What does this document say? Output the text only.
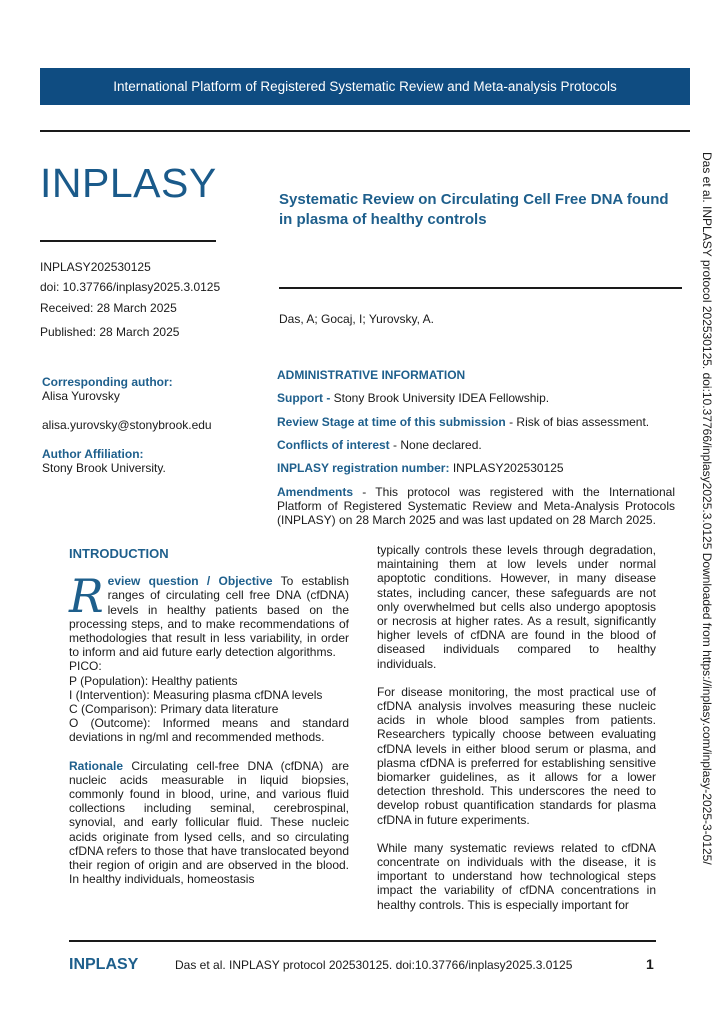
International Platform of Registered Systematic Review and Meta-analysis Protocols
INPLASY
INPLASY202530125
doi: 10.37766/inplasy2025.3.0125
Received: 28 March 2025
Published: 28 March 2025
Systematic Review on Circulating Cell Free DNA found in plasma of healthy controls
Das, A; Gocaj, I; Yurovsky, A.
Corresponding author:
Alisa Yurovsky
alisa.yurovsky@stonybrook.edu
Author Affiliation:
Stony Brook University.
ADMINISTRATIVE INFORMATION
Support - Stony Brook University IDEA Fellowship.
Review Stage at time of this submission - Risk of bias assessment.
Conflicts of interest - None declared.
INPLASY registration number: INPLASY202530125
Amendments - This protocol was registered with the International Platform of Registered Systematic Review and Meta-Analysis Protocols (INPLASY) on 28 March 2025 and was last updated on 28 March 2025.
INTRODUCTION

Review question / Objective To establish ranges of circulating cell free DNA (cfDNA) levels in healthy patients based on the processing steps, and to make recommendations of methodologies that result in less variability, in order to inform and aid future early detection algorithms.

PICO:
P (Population): Healthy patients
I (Intervention): Measuring plasma cfDNA levels
C (Comparison): Primary data literature
O (Outcome): Informed means and standard deviations in ng/ml and recommended methods.

Rationale Circulating cell-free DNA (cfDNA) are nucleic acids measurable in liquid biopsies, commonly found in blood, urine, and various fluid collections including seminal, cerebrospinal, synovial, and early follicular fluid. These nucleic acids originate from lysed cells, and so circulating cfDNA refers to those that have translocated beyond their region of origin and are observed in the blood. In healthy individuals, homeostasis

typically controls these levels through degradation, maintaining them at low levels under normal apoptotic conditions. However, in many disease states, including cancer, these safeguards are not only overwhelmed but cells also undergo apoptosis or necrosis at higher rates. As a result, significantly higher levels of cfDNA are found in the blood of diseased individuals compared to healthy individuals.

For disease monitoring, the most practical use of cfDNA analysis involves measuring these nucleic acids in whole blood samples from patients. Researchers typically choose between evaluating cfDNA levels in either blood serum or plasma, and plasma cfDNA is preferred for establishing sensitive biomarker guidelines, as it allows for a lower detection threshold. This underscores the need to develop robust quantification standards for plasma cfDNA in future experiments.

While many systematic reviews related to cfDNA concentrate on individuals with the disease, it is important to understand how technological steps impact the variability of cfDNA concentrations in healthy controls. This is especially important for

Das et al. INPLASY protocol 202530125. doi:10.37766/inplasy2025.3.0125 Downloaded from https://inplasy.com/inplasy-2025-3-0125/
INPLASY	Das et al. INPLASY protocol 202530125. doi:10.37766/inplasy2025.3.0125	1
